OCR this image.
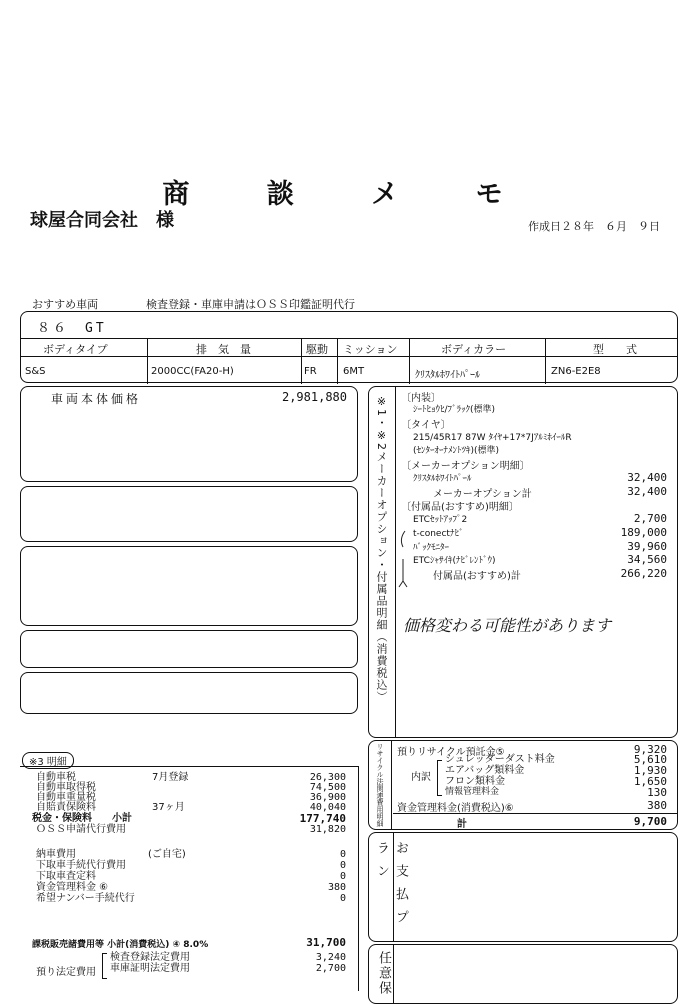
商 談 メ モ
球屋合同会社　様	作成日２８年　６月　９日
おすすめ車両	検査登録・車庫申請はＯＳＳ印鑑証明代行
８６　GT
ボディタイプ	排　気　量	駆動 ミッション	ボディカラー	型　　式
S&S	2000CC(FA20-H)	FR	6MT	ｸﾘｽﾀﾙﾎﾜｲﾄﾊﾟｰﾙ	ZN6-E2E8
車両本体価格	2,981,880	※1・※2メーカーオプション・付属品明細（消費税込） 〔内装〕
ｼｰﾄﾋｮｳﾋ/ﾌﾞﾗｯｸ(標準)
〔タイヤ〕
215/45R17 87W ﾀｲﾔ+17*7JｱﾙﾐﾎｲｰﾙR
(ｾﾝﾀｰｵｰﾅﾒﾝﾄﾂｷ)(標準)
〔メーカーオプション明細〕
ｸﾘｽﾀﾙﾎﾜｲﾄﾊﾟｰﾙ	32,400
メーカーオプション計	32,400
〔付属品(おすすめ)明細〕
ETCｾｯﾄｱｯﾌﾟ2	2,700
t-conectﾅﾋﾞ	189,000
ﾊﾞｯｸﾓﾆﾀｰ	39,960
ETCｼｬｻｲｷ(ﾅﾋﾞﾚﾝﾄﾞｳ)	34,560
付属品(おすすめ)計	266,220
価格変わる可能性があります
※3 明細
自動車税	7月登録	26,300
自動車取得税	74,500
自動車重量税	36,900
自賠責保険料	37ヶ月	40,040
税金・保険料　　小計	177,740
ＯＳＳ申請代行費用	31,820
納車費用	(ご自宅)	0
下取車手続代行費用	0
下取車査定料	0
資金管理料金 ⑥	380
希望ナンバー手続代行	0
課税販売諸費用等 小計(消費税込) ④ 8.0%	31,700
預り法定費用
検査登録法定費用	3,240
車庫証明法定費用	2,700
リサイクル法関連費用明細 預りリサイクル預託金⑤	9,320
内訳
シュレッダーダスト料金	5,610
エアバッグ類料金	1,930
フロン類料金	1,650
情報管理料金	130
資金管理料金(消費税込)⑥	380
計	9,700
お支払プラン
任意保
